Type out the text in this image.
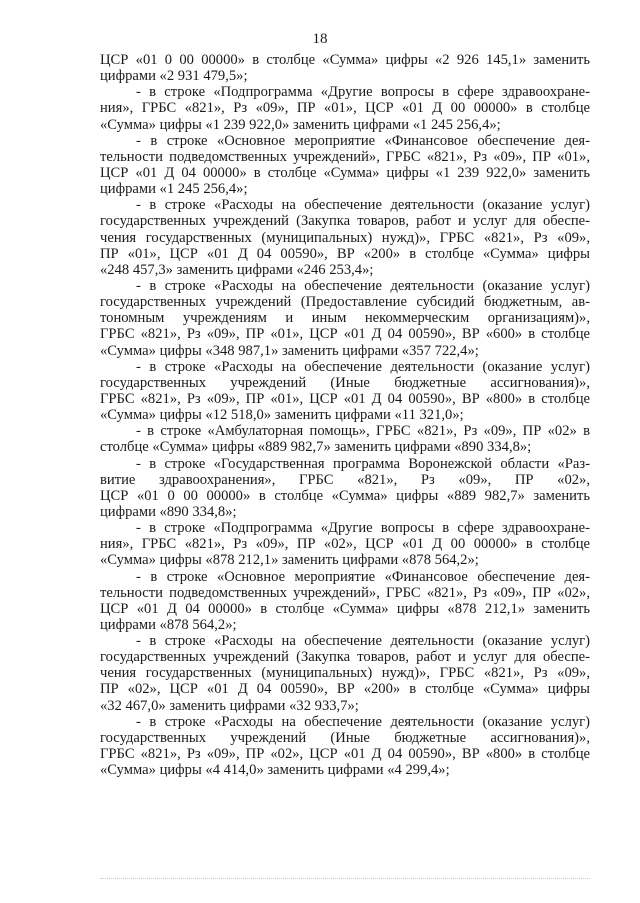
18
ЦСР «01 0 00 00000» в столбце «Сумма» цифры «2 926 145,1» заменить
цифрами «2 931 479,5»;
- в строке «Подпрограмма «Другие вопросы в сфере здравоохране-
ния», ГРБС «821», Рз «09», ПР «01», ЦСР «01 Д 00 00000» в столбце
«Сумма» цифры «1 239 922,0» заменить цифрами «1 245 256,4»;
- в строке «Основное мероприятие «Финансовое обеспечение дея-
тельности подведомственных учреждений», ГРБС «821», Рз «09», ПР «01»,
ЦСР «01 Д 04 00000» в столбце «Сумма» цифры «1 239 922,0» заменить
цифрами «1 245 256,4»;
- в строке «Расходы на обеспечение деятельности (оказание услуг)
государственных учреждений (Закупка товаров, работ и услуг для обеспе-
чения государственных (муниципальных) нужд)», ГРБС «821», Рз «09»,
ПР «01», ЦСР «01 Д 04 00590», ВР «200» в столбце «Сумма» цифры
«248 457,3» заменить цифрами «246 253,4»;
- в строке «Расходы на обеспечение деятельности (оказание услуг)
государственных учреждений (Предоставление субсидий бюджетным, ав-
тономным учреждениям и иным некоммерческим организациям)»,
ГРБС «821», Рз «09», ПР «01», ЦСР «01 Д 04 00590», ВР «600» в столбце
«Сумма» цифры «348 987,1» заменить цифрами «357 722,4»;
- в строке «Расходы на обеспечение деятельности (оказание услуг)
государственных учреждений (Иные бюджетные ассигнования)»,
ГРБС «821», Рз «09», ПР «01», ЦСР «01 Д 04 00590», ВР «800» в столбце
«Сумма» цифры «12 518,0» заменить цифрами «11 321,0»;
- в строке «Амбулаторная помощь», ГРБС «821», Рз «09», ПР «02» в
столбце «Сумма» цифры «889 982,7» заменить цифрами «890 334,8»;
- в строке «Государственная программа Воронежской области «Раз-
витие здравоохранения», ГРБС «821», Рз «09», ПР «02»,
ЦСР «01 0 00 00000» в столбце «Сумма» цифры «889 982,7» заменить
цифрами «890 334,8»;
- в строке «Подпрограмма «Другие вопросы в сфере здравоохране-
ния», ГРБС «821», Рз «09», ПР «02», ЦСР «01 Д 00 00000» в столбце
«Сумма» цифры «878 212,1» заменить цифрами «878 564,2»;
- в строке «Основное мероприятие «Финансовое обеспечение дея-
тельности подведомственных учреждений», ГРБС «821», Рз «09», ПР «02»,
ЦСР «01 Д 04 00000» в столбце «Сумма» цифры «878 212,1» заменить
цифрами «878 564,2»;
- в строке «Расходы на обеспечение деятельности (оказание услуг)
государственных учреждений (Закупка товаров, работ и услуг для обеспе-
чения государственных (муниципальных) нужд)», ГРБС «821», Рз «09»,
ПР «02», ЦСР «01 Д 04 00590», ВР «200» в столбце «Сумма» цифры
«32 467,0» заменить цифрами «32 933,7»;
- в строке «Расходы на обеспечение деятельности (оказание услуг)
государственных учреждений (Иные бюджетные ассигнования)»,
ГРБС «821», Рз «09», ПР «02», ЦСР «01 Д 04 00590», ВР «800» в столбце
«Сумма» цифры «4 414,0» заменить цифрами «4 299,4»;
